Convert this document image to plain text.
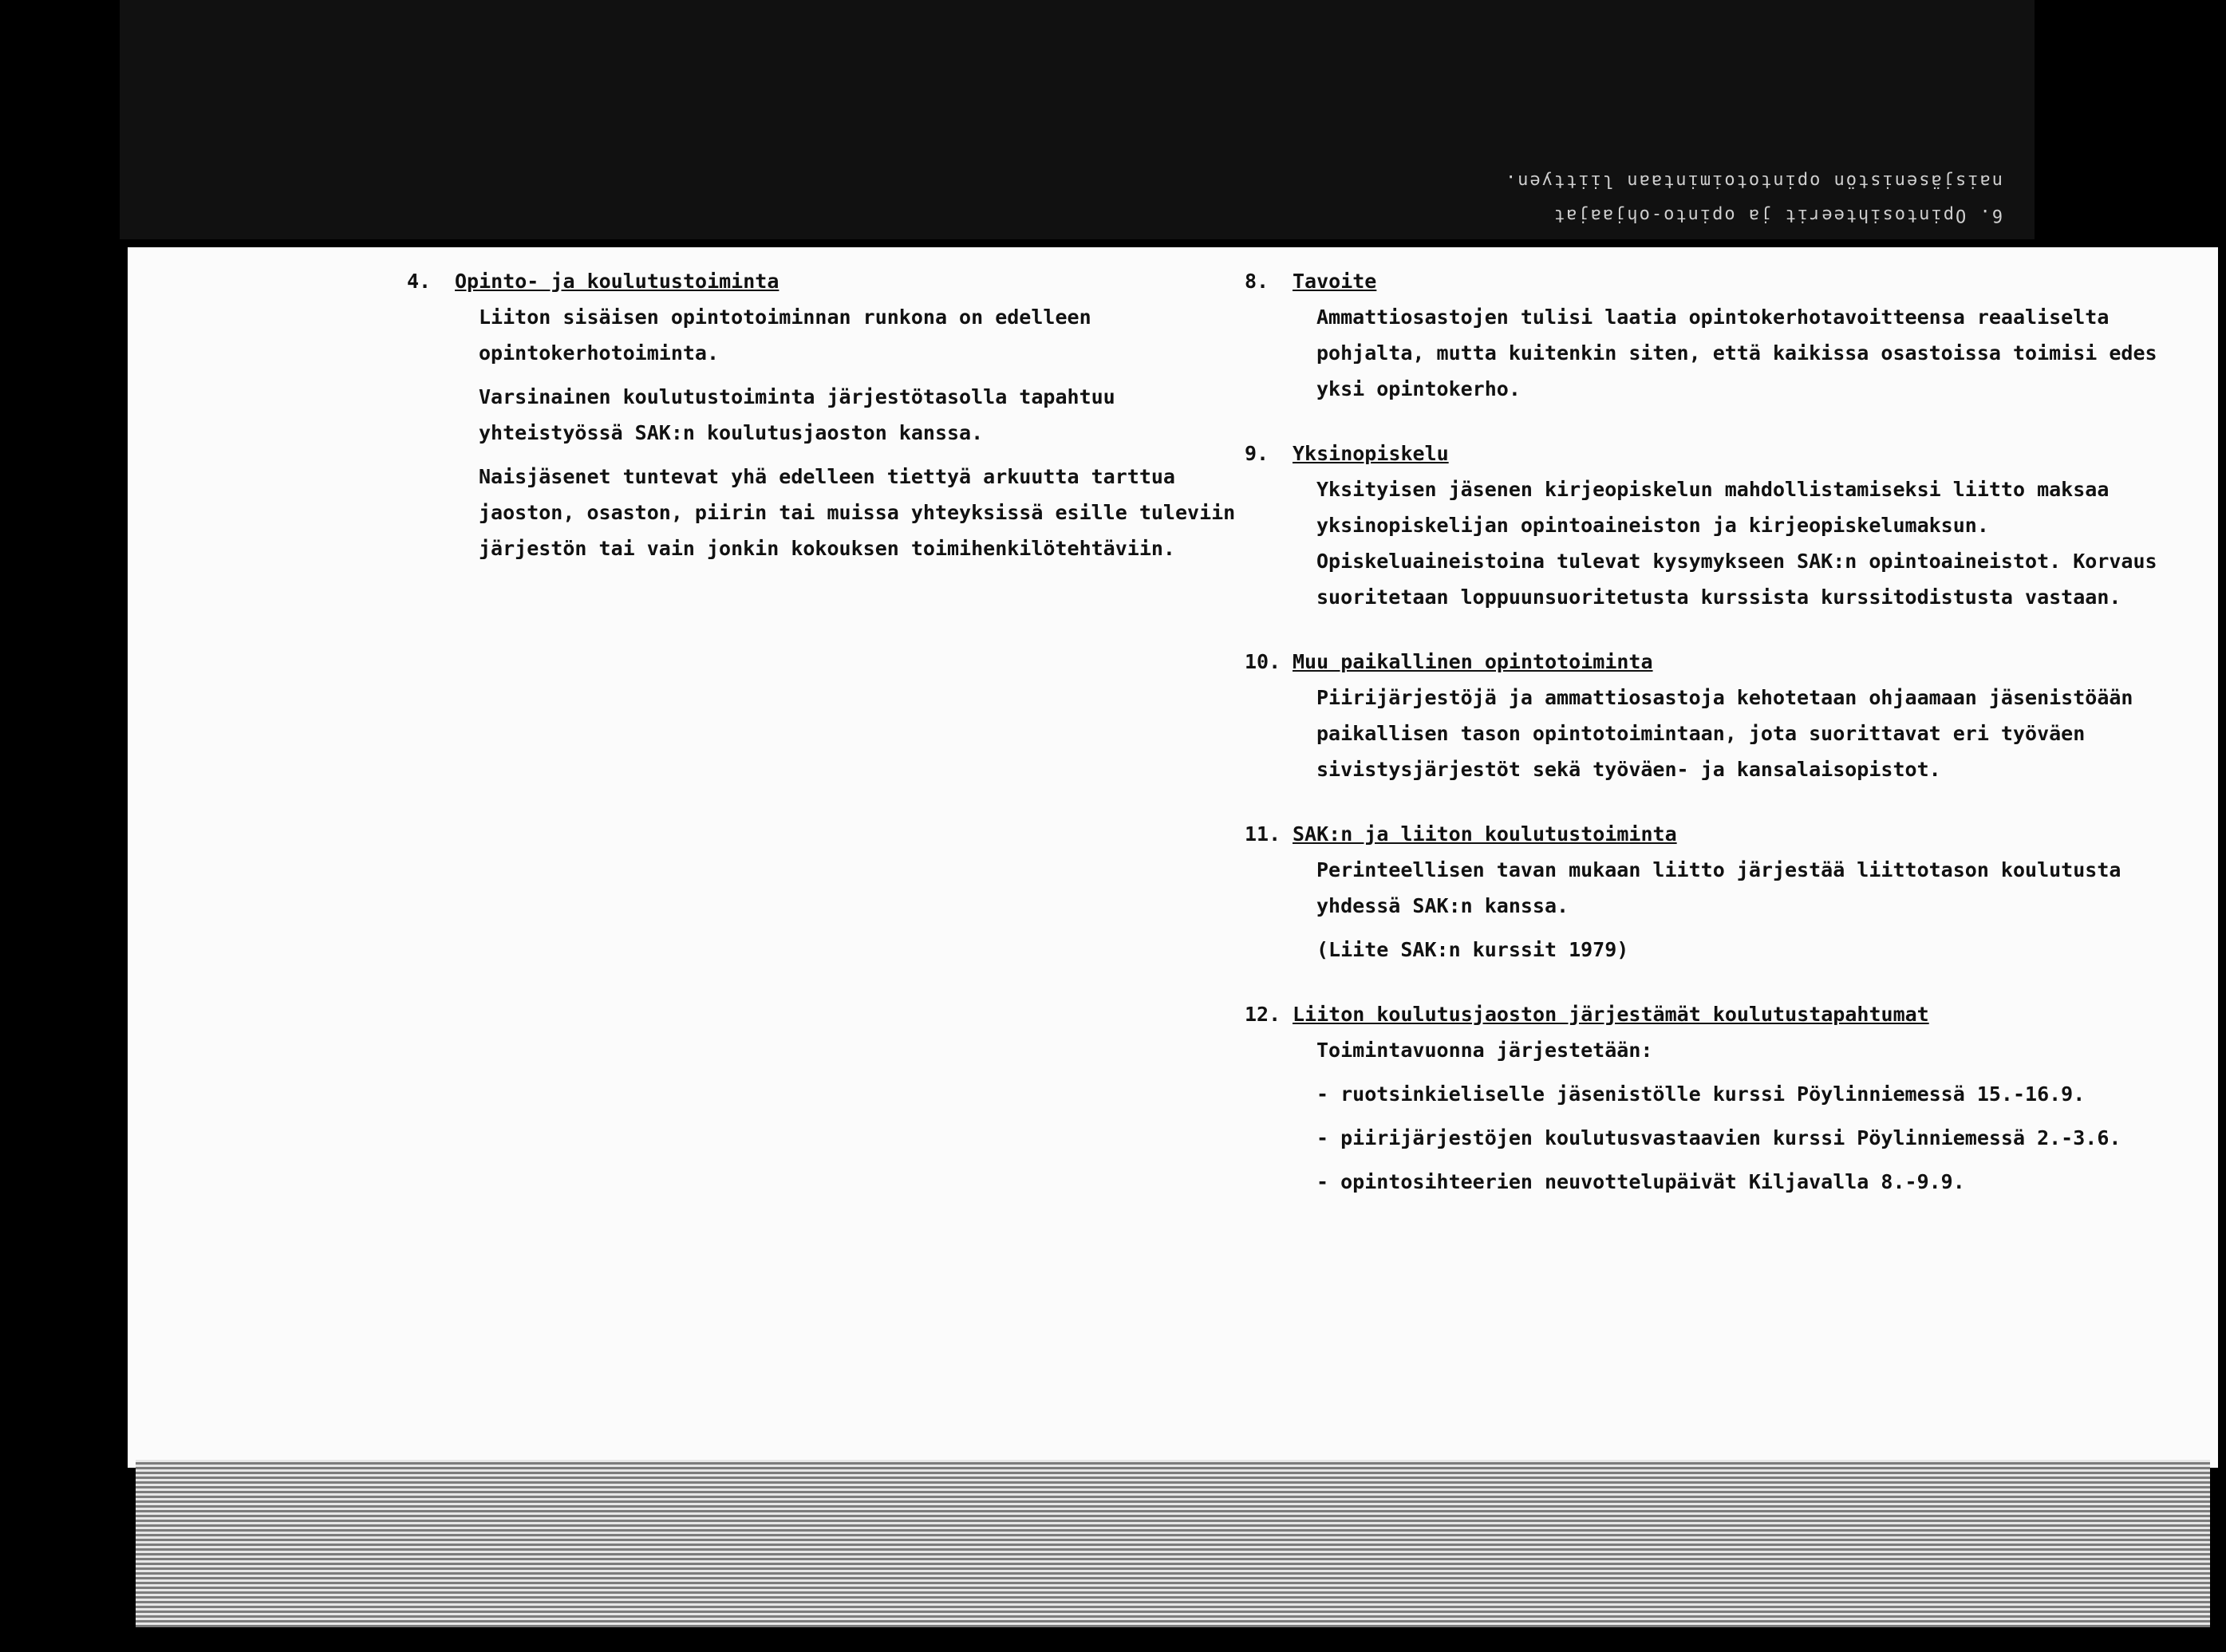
6. Opintosihteerit ja opinto-ohjaajat
naisjäsenistön opintotoimintaan liittyen.
4. Opinto- ja koulutustoiminta

Liiton sisäisen opintotoiminnan runkona on edelleen opintokerhotoiminta.

Varsinainen koulutustoiminta järjestötasolla tapahtuu yhteistyössä SAK:n koulutusjaoston kanssa.

Naisjäsenet tuntevat yhä edelleen tiettyä arkuutta tarttua jaoston, osaston, piirin tai muissa yhteyksissä esille tuleviin järjestön tai vain jonkin kokouksen toimihenkilötehtäviin.

8. Tavoite

Ammattiosastojen tulisi laatia opintokerhotavoitteensa reaaliselta pohjalta, mutta kuitenkin siten, että kaikissa osastoissa toimisi edes yksi opintokerho.

9. Yksinopiskelu

Yksityisen jäsenen kirjeopiskelun mahdollistamiseksi liitto maksaa yksinopiskelijan opintoaineiston ja kirjeopiskelumaksun. Opiskeluaineistoina tulevat kysymykseen SAK:n opintoaineistot. Korvaus suoritetaan loppuunsuoritetusta kurssista kurssitodistusta vastaan.

10. Muu paikallinen opintotoiminta

Piirijärjestöjä ja ammattiosastoja kehotetaan ohjaamaan jäsenistöään paikallisen tason opintotoimintaan, jota suorittavat eri työväen sivistysjärjestöt sekä työväen- ja kansalaisopistot.

11. SAK:n ja liiton koulutustoiminta

Perinteellisen tavan mukaan liitto järjestää liittotason koulutusta yhdessä SAK:n kanssa.

(Liite SAK:n kurssit 1979)

12. Liiton koulutusjaoston järjestämät koulutustapahtumat

Toimintavuonna järjestetään:

- ruotsinkieliselle jäsenistölle kurssi Pöylinniemessä 15.-16.9.

- piirijärjestöjen koulutusvastaavien kurssi Pöylinniemessä 2.-3.6.

- opintosihteerien neuvottelupäivät Kiljavalla 8.-9.9.
